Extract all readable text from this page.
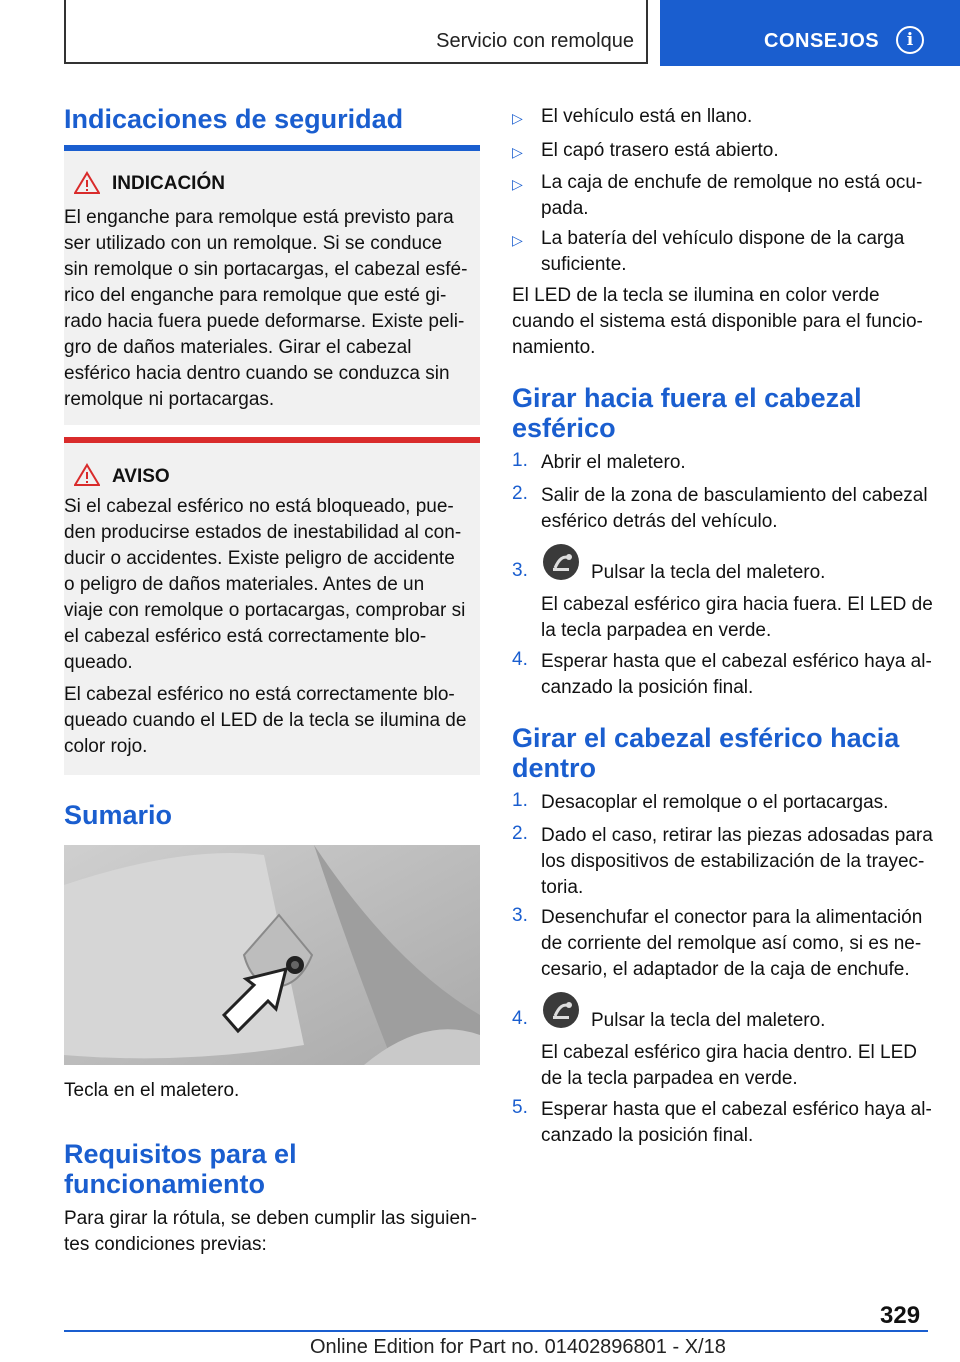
Servicio con remolque	CONSEJOS	i
Indicaciones de seguridad
INDICACIÓN
El enganche para remolque está previsto para
ser utilizado con un remolque. Si se conduce
sin remolque o sin portacargas, el cabezal esfé-
rico del enganche para remolque que esté gi-
rado hacia fuera puede deformarse. Existe peli-
gro de daños materiales. Girar el cabezal
esférico hacia dentro cuando se conduzca sin
remolque ni portacargas.
AVISO
Si el cabezal esférico no está bloqueado, pue-
den producirse estados de inestabilidad al con-
ducir o accidentes. Existe peligro de accidente
o peligro de daños materiales. Antes de un
viaje con remolque o portacargas, comprobar si
el cabezal esférico está correctamente blo-
queado.
El cabezal esférico no está correctamente blo-
queado cuando el LED de la tecla se ilumina de
color rojo.
Sumario
Tecla en el maletero.
Requisitos para el
funcionamiento
Para girar la rótula, se deben cumplir las siguien-
tes condiciones previas:
▷ El vehículo está en llano.
▷ El capó trasero está abierto.
▷ La caja de enchufe de remolque no está ocu-
pada.
▷ La batería del vehículo dispone de la carga
suficiente.
El LED de la tecla se ilumina en color verde
cuando el sistema está disponible para el funcio-
namiento.
Girar hacia fuera el cabezal
esférico
1. Abrir el maletero.
2. Salir de la zona de basculamiento del cabezal
esférico detrás del vehículo.
3.	Pulsar la tecla del maletero.
El cabezal esférico gira hacia fuera. El LED de
la tecla parpadea en verde.
4. Esperar hasta que el cabezal esférico haya al-
canzado la posición final.
Girar el cabezal esférico hacia
dentro
1. Desacoplar el remolque o el portacargas.
2. Dado el caso, retirar las piezas adosadas para
los dispositivos de estabilización de la trayec-
toria.
3. Desenchufar el conector para la alimentación
de corriente del remolque así como, si es ne-
cesario, el adaptador de la caja de enchufe.
4.	Pulsar la tecla del maletero.
El cabezal esférico gira hacia dentro. El LED
de la tecla parpadea en verde.
5. Esperar hasta que el cabezal esférico haya al-
canzado la posición final.
329
Online Edition for Part no. 01402896801 - X/18
